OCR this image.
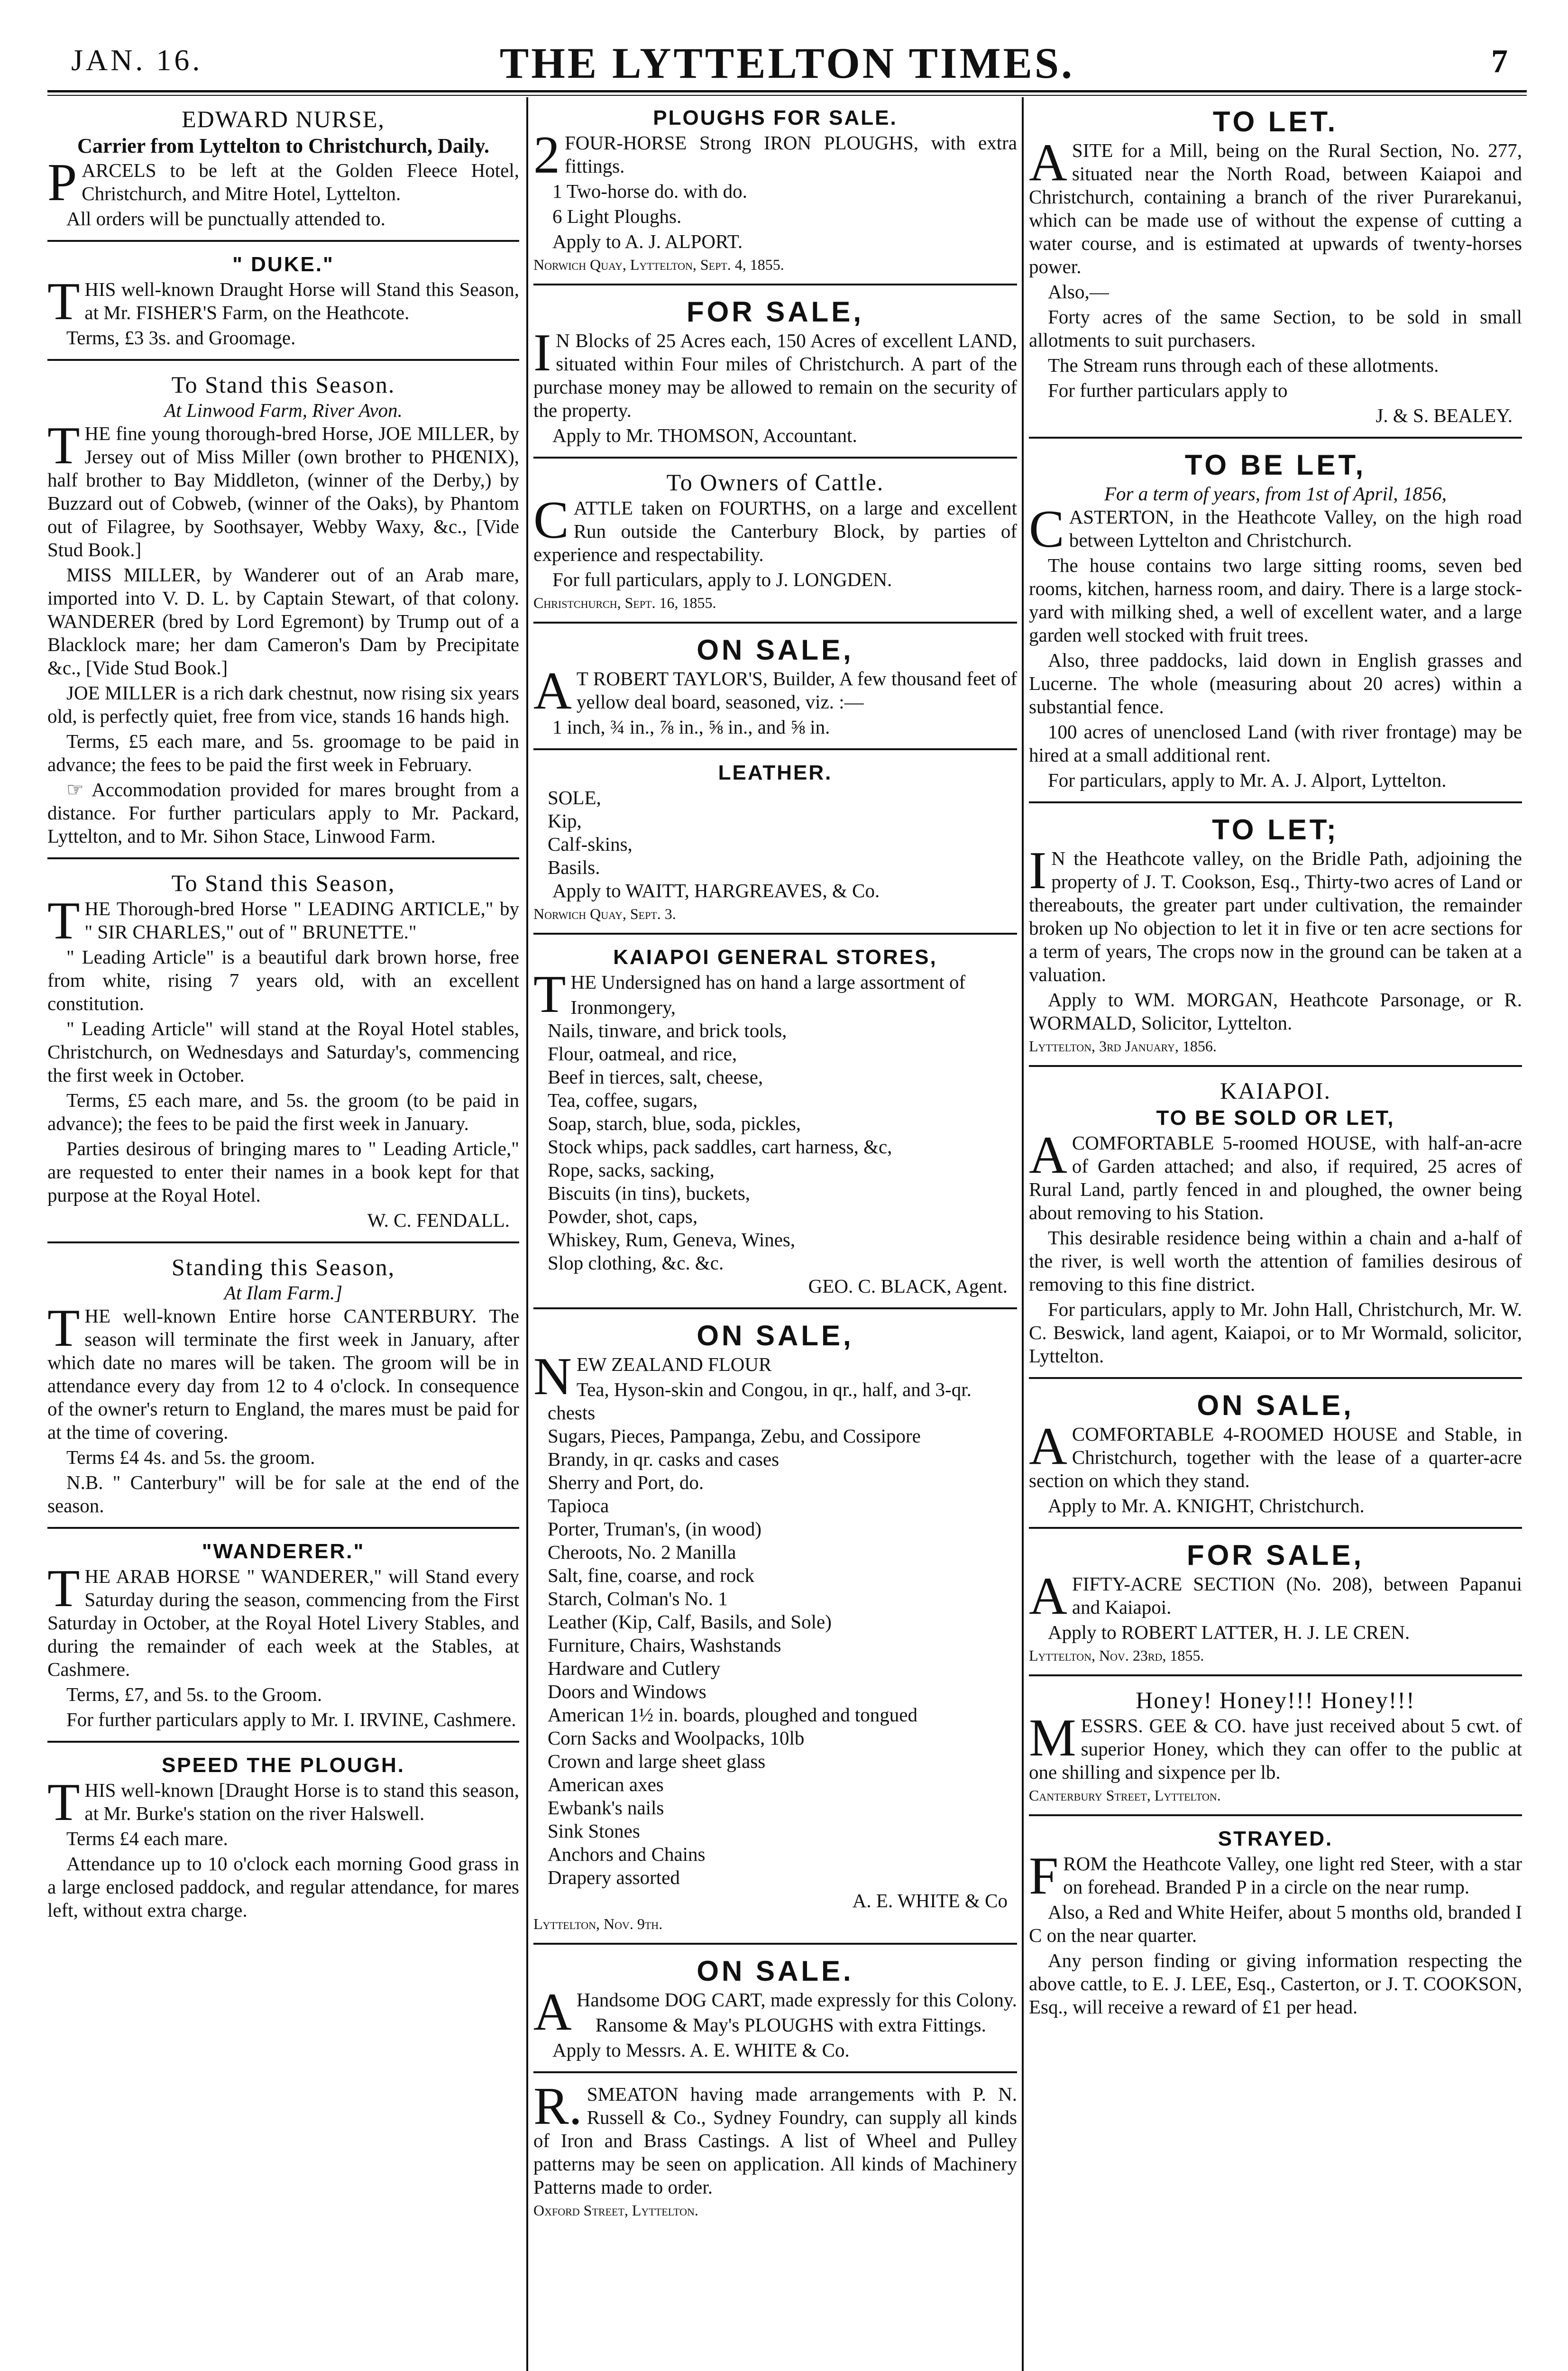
JAN. 16.	THE LYTTELTON TIMES.	7
EDWARD NURSE,
Carrier from Lyttelton to Christchurch, Daily.

PARCELS to be left at the Golden Fleece Hotel, Christchurch, and Mitre Hotel, Lyttelton.

All orders will be punctually attended to.

" DUKE."

THIS well-known Draught Horse will Stand this Season, at Mr. FISHER'S Farm, on the Heathcote.

Terms, £3 3s. and Groomage.

To Stand this Season.
At Linwood Farm, River Avon.

THE fine young thorough-bred Horse, JOE MILLER, by Jersey out of Miss Miller (own brother to PHŒNIX), half brother to Bay Middleton, (winner of the Derby,) by Buzzard out of Cobweb, (winner of the Oaks), by Phantom out of Filagree, by Soothsayer, Webby Waxy, &c., [Vide Stud Book.]

MISS MILLER, by Wanderer out of an Arab mare, imported into V. D. L. by Captain Stewart, of that colony. WANDERER (bred by Lord Egremont) by Trump out of a Blacklock mare; her dam Cameron's Dam by Precipitate &c., [Vide Stud Book.]

JOE MILLER is a rich dark chestnut, now rising six years old, is perfectly quiet, free from vice, stands 16 hands high.

Terms, £5 each mare, and 5s. groomage to be paid in advance; the fees to be paid the first week in February.

☞ Accommodation provided for mares brought from a distance. For further particulars apply to Mr. Packard, Lyttelton, and to Mr. Sihon Stace, Linwood Farm.

To Stand this Season,

THE Thorough-bred Horse " LEADING ARTICLE," by " SIR CHARLES," out of " BRUNETTE."

" Leading Article" is a beautiful dark brown horse, free from white, rising 7 years old, with an excellent constitution.

" Leading Article" will stand at the Royal Hotel stables, Christchurch, on Wednesdays and Saturday's, commencing the first week in October.

Terms, £5 each mare, and 5s. the groom (to be paid in advance); the fees to be paid the first week in January.

Parties desirous of bringing mares to " Leading Article," are requested to enter their names in a book kept for that purpose at the Royal Hotel.

W. C. FENDALL.

Standing this Season,
At Ilam Farm.]

THE well-known Entire horse CANTERBURY. The season will terminate the first week in January, after which date no mares will be taken. The groom will be in attendance every day from 12 to 4 o'clock. In consequence of the owner's return to England, the mares must be paid for at the time of covering.

Terms £4 4s. and 5s. the groom.

N.B. " Canterbury" will be for sale at the end of the season.

"WANDERER."

THE ARAB HORSE " WANDERER," will Stand every Saturday during the season, commencing from the First Saturday in October, at the Royal Hotel Livery Stables, and during the remainder of each week at the Stables, at Cashmere.

Terms, £7, and 5s. to the Groom.

For further particulars apply to Mr. I. IRVINE, Cashmere.

SPEED THE PLOUGH.

THIS well-known [Draught Horse is to stand this season, at Mr. Burke's station on the river Halswell.

Terms £4 each mare.

Attendance up to 10 o'clock each morning Good grass in a large enclosed paddock, and regular attendance, for mares left, without extra charge.

PLOUGHS FOR SALE.

2FOUR-HORSE Strong IRON PLOUGHS, with extra fittings.

1 Two-horse do. with do.

6 Light Ploughs.

Apply to A. J. ALPORT.

Norwich Quay, Lyttelton, Sept. 4, 1855.

FOR SALE,

IN Blocks of 25 Acres each, 150 Acres of excellent LAND, situated within Four miles of Christchurch. A part of the purchase money may be allowed to remain on the security of the property.

Apply to Mr. THOMSON, Accountant.

To Owners of Cattle.

CATTLE taken on FOURTHS, on a large and excellent Run outside the Canterbury Block, by parties of experience and respectability.

For full particulars, apply to J. LONGDEN.

Christchurch, Sept. 16, 1855.

ON SALE,

AT ROBERT TAYLOR'S, Builder, A few thousand feet of yellow deal board, seasoned, viz. :—

1 inch, ¾ in., ⅞ in., ⅝ in., and ⅝ in.

LEATHER.
SOLE,
Kip,
Calf-skins,
Basils.

Apply to WAITT, HARGREAVES, & Co.

Norwich Quay, Sept. 3.

KAIAPOI GENERAL STORES,

THE Undersigned has on hand a large assortment of

Ironmongery,
Nails, tinware, and brick tools,
Flour, oatmeal, and rice,
Beef in tierces, salt, cheese,
Tea, coffee, sugars,
Soap, starch, blue, soda, pickles,
Stock whips, pack saddles, cart harness, &c,
Rope, sacks, sacking,
Biscuits (in tins), buckets,
Powder, shot, caps,
Whiskey, Rum, Geneva, Wines,
Slop clothing, &c. &c.

GEO. C. BLACK, Agent.

ON SALE,

NEW ZEALAND FLOUR

Tea, Hyson-skin and Congou, in qr., half, and 3-qr. chests
Sugars, Pieces, Pampanga, Zebu, and Cossipore
Brandy, in qr. casks and cases
Sherry and Port, do.
Tapioca
Porter, Truman's, (in wood)
Cheroots, No. 2 Manilla
Salt, fine, coarse, and rock
Starch, Colman's No. 1
Leather (Kip, Calf, Basils, and Sole)
Furniture, Chairs, Washstands
Hardware and Cutlery
Doors and Windows
American 1½ in. boards, ploughed and tongued
Corn Sacks and Woolpacks, 10lb
Crown and large sheet glass
American axes
Ewbank's nails
Sink Stones
Anchors and Chains
Drapery assorted

A. E. WHITE & Co

Lyttelton, Nov. 9th.

ON SALE.

AHandsome DOG CART, made expressly for this Colony.

Ransome & May's PLOUGHS with extra Fittings.

Apply to Messrs. A. E. WHITE & Co.

R.SMEATON having made arrangements with P. N. Russell & Co., Sydney Foundry, can supply all kinds of Iron and Brass Castings. A list of Wheel and Pulley patterns may be seen on application. All kinds of Machinery Patterns made to order.

Oxford Street, Lyttelton.

TO LET.

ASITE for a Mill, being on the Rural Section, No. 277, situated near the North Road, between Kaiapoi and Christchurch, containing a branch of the river Purarekanui, which can be made use of without the expense of cutting a water course, and is estimated at upwards of twenty-horses power.

Also,—

Forty acres of the same Section, to be sold in small allotments to suit purchasers.

The Stream runs through each of these allotments.

For further particulars apply to

J. & S. BEALEY.

TO BE LET,
For a term of years, from 1st of April, 1856,

CASTERTON, in the Heathcote Valley, on the high road between Lyttelton and Christchurch.

The house contains two large sitting rooms, seven bed rooms, kitchen, harness room, and dairy. There is a large stock-yard with milking shed, a well of excellent water, and a large garden well stocked with fruit trees.

Also, three paddocks, laid down in English grasses and Lucerne. The whole (measuring about 20 acres) within a substantial fence.

100 acres of unenclosed Land (with river frontage) may be hired at a small additional rent.

For particulars, apply to Mr. A. J. Alport, Lyttelton.

TO LET;

IN the Heathcote valley, on the Bridle Path, adjoining the property of J. T. Cookson, Esq., Thirty-two acres of Land or thereabouts, the greater part under cultivation, the remainder broken up No objection to let it in five or ten acre sections for a term of years, The crops now in the ground can be taken at a valuation.

Apply to WM. MORGAN, Heathcote Parsonage, or R. WORMALD, Solicitor, Lyttelton.

Lyttelton, 3rd January, 1856.

KAIAPOI.
TO BE SOLD OR LET,

ACOMFORTABLE 5-roomed HOUSE, with half-an-acre of Garden attached; and also, if required, 25 acres of Rural Land, partly fenced in and ploughed, the owner being about removing to his Station.

This desirable residence being within a chain and a-half of the river, is well worth the attention of families desirous of removing to this fine district.

For particulars, apply to Mr. John Hall, Christchurch, Mr. W. C. Beswick, land agent, Kaiapoi, or to Mr Wormald, solicitor, Lyttelton.

ON SALE,

ACOMFORTABLE 4-ROOMED HOUSE and Stable, in Christchurch, together with the lease of a quarter-acre section on which they stand.

Apply to Mr. A. KNIGHT, Christchurch.

FOR SALE,

AFIFTY-ACRE SECTION (No. 208), between Papanui and Kaiapoi.

Apply to ROBERT LATTER, H. J. LE CREN.

Lyttelton, Nov. 23rd, 1855.

Honey! Honey!!! Honey!!!

MESSRS. GEE & CO. have just received about 5 cwt. of superior Honey, which they can offer to the public at one shilling and sixpence per lb.

Canterbury Street, Lyttelton.

STRAYED.

FROM the Heathcote Valley, one light red Steer, with a star on forehead. Branded P in a circle on the near rump.

Also, a Red and White Heifer, about 5 months old, branded I C on the near quarter.

Any person finding or giving information respecting the above cattle, to E. J. LEE, Esq., Casterton, or J. T. COOKSON, Esq., will receive a reward of £1 per head.
